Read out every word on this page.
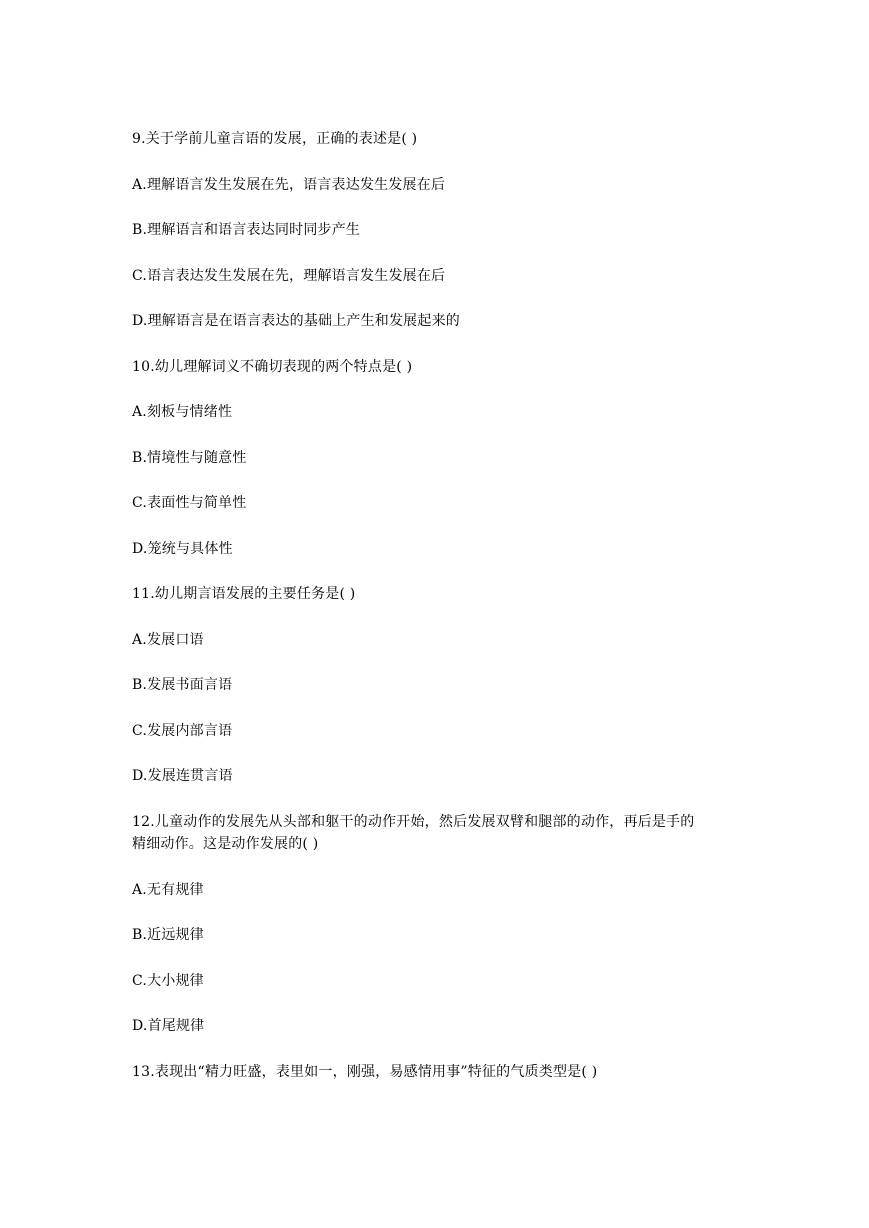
9.关于学前儿童言语的发展，正确的表述是( )
A.理解语言发生发展在先，语言表达发生发展在后
B.理解语言和语言表达同时同步产生
C.语言表达发生发展在先，理解语言发生发展在后
D.理解语言是在语言表达的基础上产生和发展起来的
10.幼儿理解词义不确切表现的两个特点是( )
A.刻板与情绪性
B.情境性与随意性
C.表面性与简单性
D.笼统与具体性
11.幼儿期言语发展的主要任务是( )
A.发展口语
B.发展书面言语
C.发展内部言语
D.发展连贯言语
12.儿童动作的发展先从头部和躯干的动作开始，然后发展双臂和腿部的动作，再后是手的
精细动作。这是动作发展的( )
A.无有规律
B.近远规律
C.大小规律
D.首尾规律
13.表现出“精力旺盛，表里如一，刚强，易感情用事”特征的气质类型是( )
